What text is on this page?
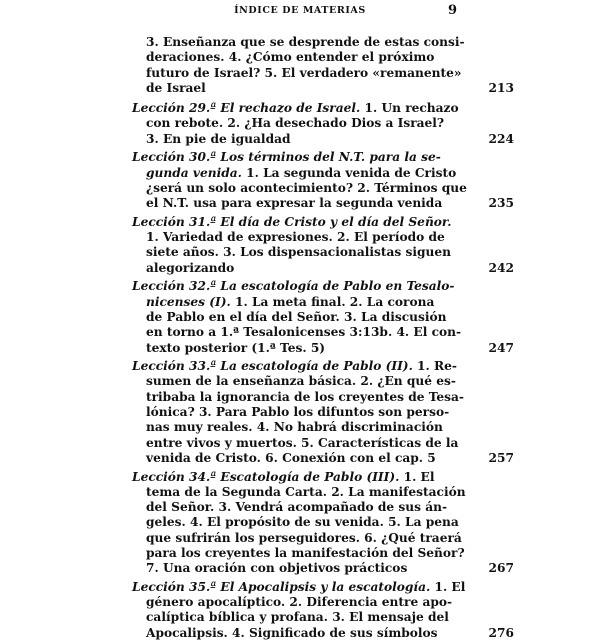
ÍNDICE DE MATERIAS	9

3. Enseñanza que se desprende de estas consi-

deraciones. 4. ¿Cómo entender el próximo

futuro de Israel? 5. El verdadero «remanente»

de Israel	213

Lección 29.ª El rechazo de Israel. 1. Un rechazo

con rebote. 2. ¿Ha desechado Dios a Israel?

3. En pie de igualdad	224

Lección 30.ª Los términos del N.T. para la se-

gunda venida. 1. La segunda venida de Cristo

¿será un solo acontecimiento? 2. Términos que

el N.T. usa para expresar la segunda venida	235

Lección 31.ª El día de Cristo y el día del Señor.

1. Variedad de expresiones. 2. El período de

siete años. 3. Los dispensacionalistas siguen

alegorizando	242

Lección 32.ª La escatología de Pablo en Tesalo-

nicenses (I). 1. La meta final. 2. La corona

de Pablo en el día del Señor. 3. La discusión

en torno a 1.ª Tesalonicenses 3:13b. 4. El con-

texto posterior (1.ª Tes. 5)	247

Lección 33.ª La escatología de Pablo (II). 1. Re-

sumen de la enseñanza básica. 2. ¿En qué es-

tribaba la ignorancia de los creyentes de Tesa-

lónica? 3. Para Pablo los difuntos son perso-

nas muy reales. 4. No habrá discriminación

entre vivos y muertos. 5. Características de la

venida de Cristo. 6. Conexión con el cap. 5	257

Lección 34.ª Escatología de Pablo (III). 1. El

tema de la Segunda Carta. 2. La manifestación

del Señor. 3. Vendrá acompañado de sus án-

geles. 4. El propósito de su venida. 5. La pena

que sufrirán los perseguidores. 6. ¿Qué traerá

para los creyentes la manifestación del Señor?

7. Una oración con objetivos prácticos	267

Lección 35.ª El Apocalipsis y la escatología. 1. El

género apocalíptico. 2. Diferencia entre apo-

calíptica bíblica y profana. 3. El mensaje del

Apocalipsis. 4. Significado de sus símbolos	276
